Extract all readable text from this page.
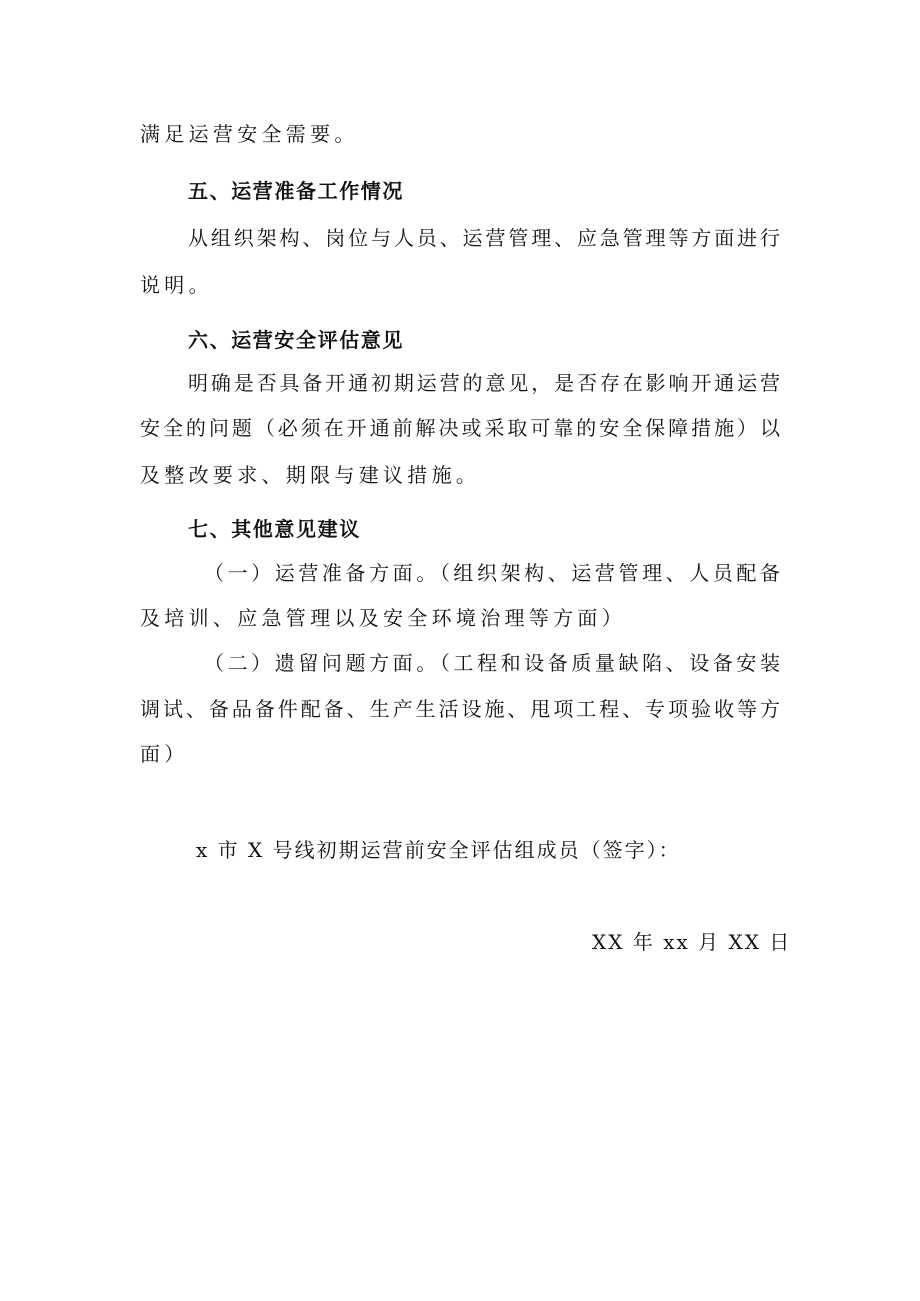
满足运营安全需要。
五、运营准备工作情况
从组织架构、岗位与人员、运营管理、应急管理等方面进行
说明。
六、运营安全评估意见
明确是否具备开通初期运营的意见，是否存在影响开通运营
安全的问题（必须在开通前解决或采取可靠的安全保障措施）以
及整改要求、期限与建议措施。
七、其他意见建议
（一）运营准备方面。（组织架构、运营管理、人员配备
及培训、应急管理以及安全环境治理等方面）
（二）遗留问题方面。（工程和设备质量缺陷、设备安装
调试、备品备件配备、生产生活设施、甩项工程、专项验收等方
面）
x 市 X 号线初期运营前安全评估组成员（签字）：
XX 年 xx 月 XX 日
